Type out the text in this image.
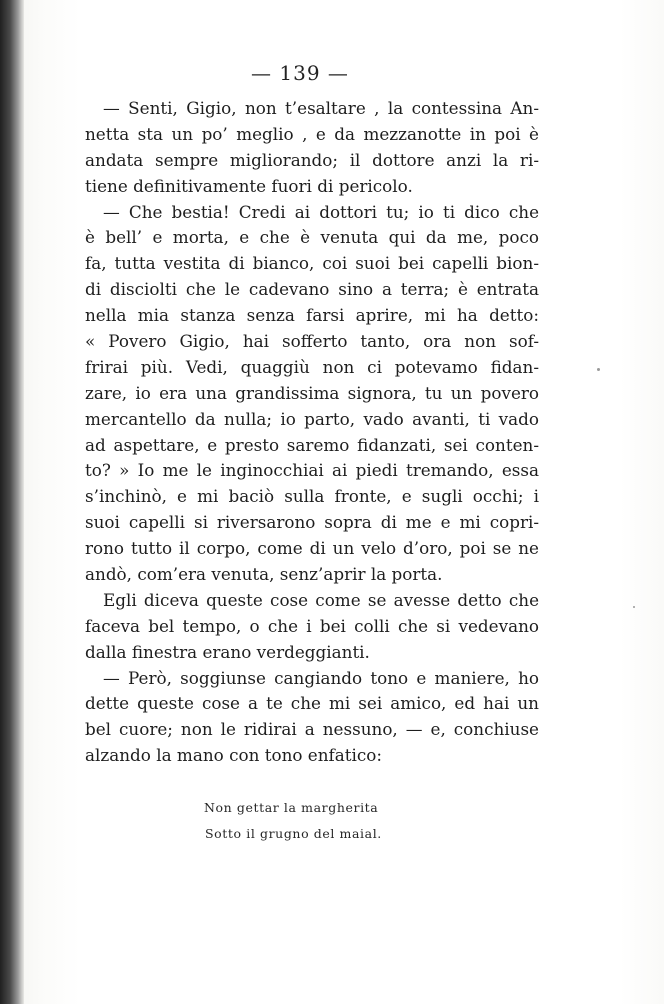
— 139 —
— Senti, Gigio, non t’esaltare , la contessina An-
netta sta un po’ meglio , e da mezzanotte in poi è
andata sempre migliorando; il dottore anzi la ri-
tiene definitivamente fuori di pericolo.
— Che bestia! Credi ai dottori tu; io ti dico che
è bell’ e morta, e che è venuta qui da me, poco
fa, tutta vestita di bianco, coi suoi bei capelli bion-
di disciolti che le cadevano sino a terra; è entrata
nella mia stanza senza farsi aprire, mi ha detto:
« Povero Gigio, hai sofferto tanto, ora non sof-
frirai più. Vedi, quaggiù non ci potevamo fidan-
zare, io era una grandissima signora, tu un povero
mercantello da nulla; io parto, vado avanti, ti vado
ad aspettare, e presto saremo fidanzati, sei conten-
to? » Io me le inginocchiai ai piedi tremando, essa
s’inchinò, e mi baciò sulla fronte, e sugli occhi; i
suoi capelli si riversarono sopra di me e mi copri-
rono tutto il corpo, come di un velo d’oro, poi se ne
andò, com’era venuta, senz’aprir la porta.
Egli diceva queste cose come se avesse detto che
faceva bel tempo, o che i bei colli che si vedevano
dalla finestra erano verdeggianti.
— Però, soggiunse cangiando tono e maniere, ho
dette queste cose a te che mi sei amico, ed hai un
bel cuore; non le ridirai a nessuno, — e, conchiuse
alzando la mano con tono enfatico:
Non gettar la margherita
Sotto il grugno del maial.
